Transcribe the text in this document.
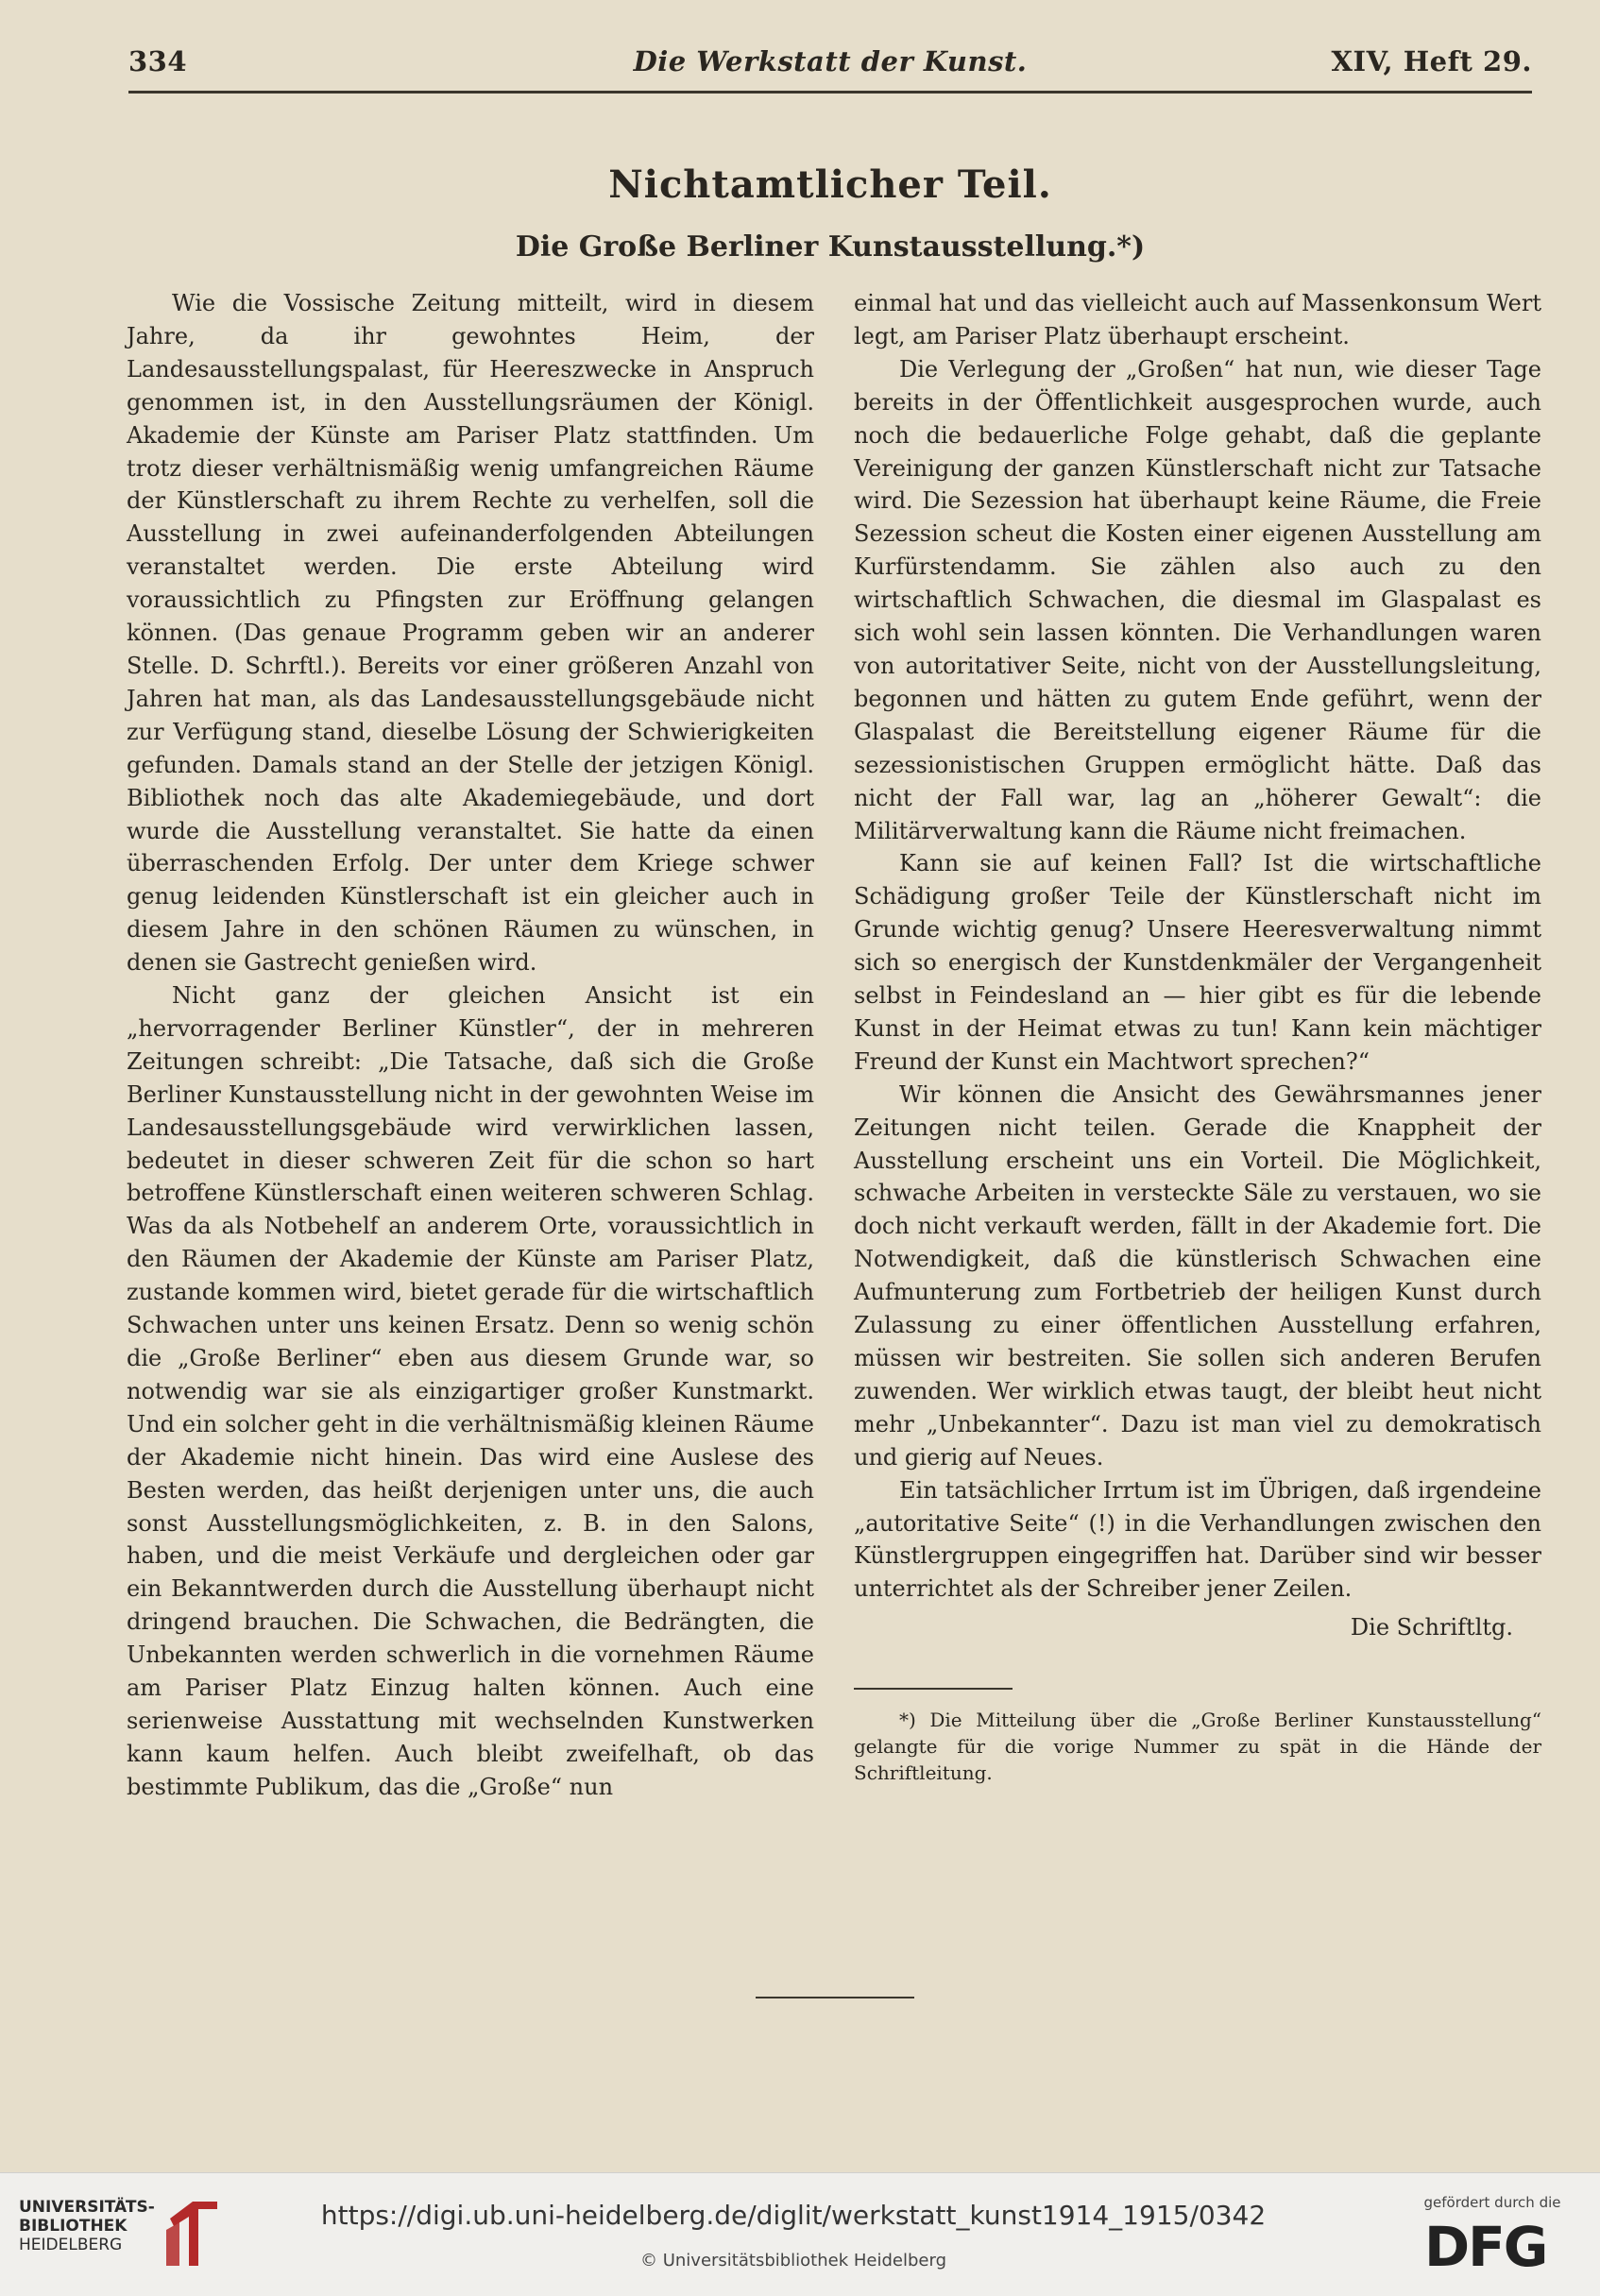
334	Die Werkstatt der Kunst.	XIV, Heft 29.
Nichtamtlicher Teil.
Die Große Berliner Kunstausstellung.*)

Wie die Vossische Zeitung mitteilt, wird in diesem Jahre, da ihr gewohntes Heim, der Landesausstellungspalast, für Heereszwecke in Anspruch genommen ist, in den Ausstellungsräumen der Königl. Akademie der Künste am Pariser Platz stattfinden. Um trotz dieser verhältnismäßig wenig umfangreichen Räume der Künstlerschaft zu ihrem Rechte zu verhelfen, soll die Ausstellung in zwei aufeinanderfolgenden Abteilungen veranstaltet werden. Die erste Abteilung wird voraussichtlich zu Pfingsten zur Eröffnung gelangen können. (Das genaue Programm geben wir an anderer Stelle. D. Schrftl.). Bereits vor einer größeren Anzahl von Jahren hat man, als das Landesausstellungsgebäude nicht zur Verfügung stand, dieselbe Lösung der Schwierigkeiten gefunden. Damals stand an der Stelle der jetzigen Königl. Bibliothek noch das alte Akademiegebäude, und dort wurde die Ausstellung veranstaltet. Sie hatte da einen überraschenden Erfolg. Der unter dem Kriege schwer genug leidenden Künstlerschaft ist ein gleicher auch in diesem Jahre in den schönen Räumen zu wünschen, in denen sie Gastrecht genießen wird.

Nicht ganz der gleichen Ansicht ist ein „hervorragender Berliner Künstler“, der in mehreren Zeitungen schreibt: „Die Tatsache, daß sich die Große Berliner Kunstausstellung nicht in der gewohnten Weise im Landesausstellungsgebäude wird verwirklichen lassen, bedeutet in dieser schweren Zeit für die schon so hart betroffene Künstlerschaft einen weiteren schweren Schlag. Was da als Notbehelf an anderem Orte, voraussichtlich in den Räumen der Akademie der Künste am Pariser Platz, zustande kommen wird, bietet gerade für die wirtschaftlich Schwachen unter uns keinen Ersatz. Denn so wenig schön die „Große Berliner“ eben aus diesem Grunde war, so notwendig war sie als einzigartiger großer Kunstmarkt. Und ein solcher geht in die verhältnismäßig kleinen Räume der Akademie nicht hinein. Das wird eine Auslese des Besten werden, das heißt derjenigen unter uns, die auch sonst Ausstellungsmöglichkeiten, z. B. in den Salons, haben, und die meist Verkäufe und dergleichen oder gar ein Bekanntwerden durch die Ausstellung überhaupt nicht dringend brauchen. Die Schwachen, die Bedrängten, die Unbekannten werden schwerlich in die vornehmen Räume am Pariser Platz Einzug halten können. Auch eine serienweise Ausstattung mit wechselnden Kunstwerken kann kaum helfen. Auch bleibt zweifelhaft, ob das bestimmte Publikum, das die „Große“ nun

einmal hat und das vielleicht auch auf Massenkonsum Wert legt, am Pariser Platz überhaupt erscheint.

Die Verlegung der „Großen“ hat nun, wie dieser Tage bereits in der Öffentlichkeit ausgesprochen wurde, auch noch die bedauerliche Folge gehabt, daß die geplante Vereinigung der ganzen Künstlerschaft nicht zur Tatsache wird. Die Sezession hat überhaupt keine Räume, die Freie Sezession scheut die Kosten einer eigenen Ausstellung am Kurfürstendamm. Sie zählen also auch zu den wirtschaftlich Schwachen, die diesmal im Glaspalast es sich wohl sein lassen könnten. Die Verhandlungen waren von autoritativer Seite, nicht von der Ausstellungsleitung, begonnen und hätten zu gutem Ende geführt, wenn der Glaspalast die Bereitstellung eigener Räume für die sezessionistischen Gruppen ermöglicht hätte. Daß das nicht der Fall war, lag an „höherer Gewalt“: die Militärverwaltung kann die Räume nicht freimachen.

Kann sie auf keinen Fall? Ist die wirtschaftliche Schädigung großer Teile der Künstlerschaft nicht im Grunde wichtig genug? Unsere Heeresverwaltung nimmt sich so energisch der Kunstdenkmäler der Vergangenheit selbst in Feindesland an — hier gibt es für die lebende Kunst in der Heimat etwas zu tun! Kann kein mächtiger Freund der Kunst ein Machtwort sprechen?“

Wir können die Ansicht des Gewährsmannes jener Zeitungen nicht teilen. Gerade die Knappheit der Ausstellung erscheint uns ein Vorteil. Die Möglichkeit, schwache Arbeiten in versteckte Säle zu verstauen, wo sie doch nicht verkauft werden, fällt in der Akademie fort. Die Notwendigkeit, daß die künstlerisch Schwachen eine Aufmunterung zum Fortbetrieb der heiligen Kunst durch Zulassung zu einer öffentlichen Ausstellung erfahren, müssen wir bestreiten. Sie sollen sich anderen Berufen zuwenden. Wer wirklich etwas taugt, der bleibt heut nicht mehr „Unbekannter“. Dazu ist man viel zu demokratisch und gierig auf Neues.

Ein tatsächlicher Irrtum ist im Übrigen, daß irgendeine „autoritative Seite“ (!) in die Verhandlungen zwischen den Künstlergruppen eingegriffen hat. Darüber sind wir besser unterrichtet als der Schreiber jener Zeilen.

Die Schriftltg.

*) Die Mitteilung über die „Große Berliner Kunstausstellung“ gelangte für die vorige Nummer zu spät in die Hände der Schriftleitung.

UNIVERSITÄTS-
BIBLIOTHEK
HEIDELBERG
https://digi.ub.uni-heidelberg.de/diglit/werkstatt_kunst1914_1915/0342
© Universitätsbibliothek Heidelberg
gefördert durch die
DFG
